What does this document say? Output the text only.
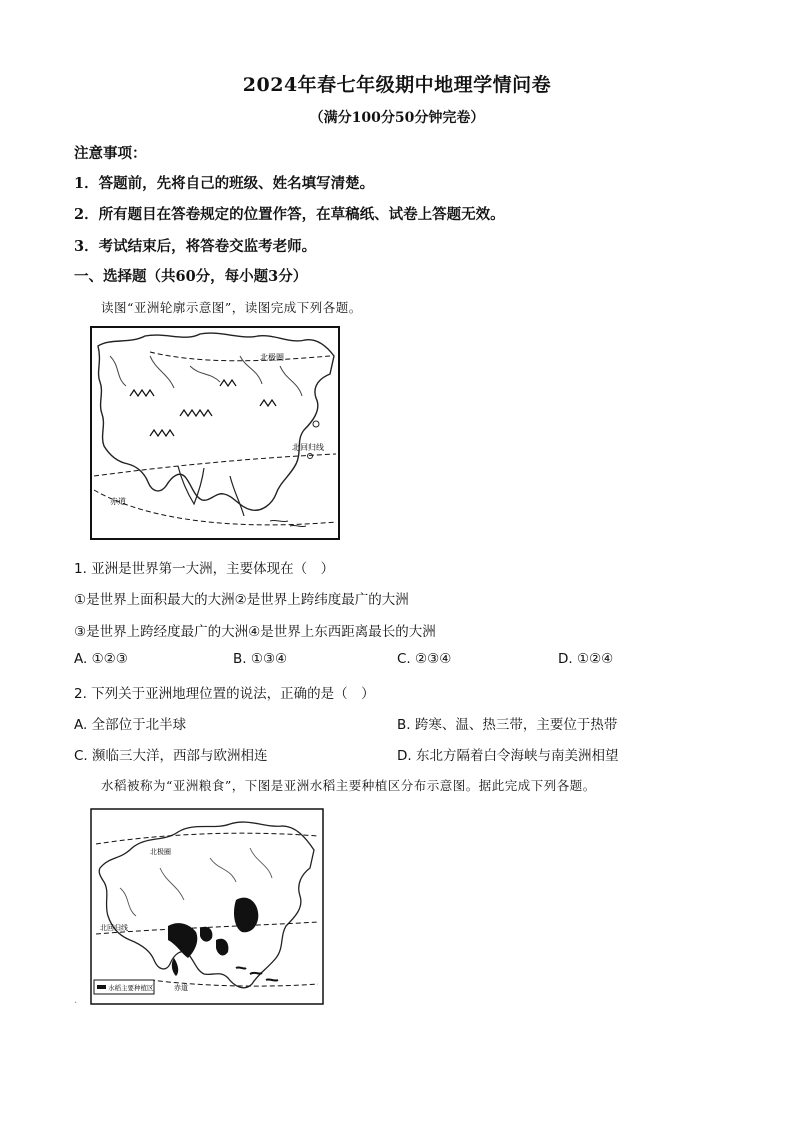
2024年春七年级期中地理学情问卷
（满分100分50分钟完卷）
注意事项：
1．答题前，先将自己的班级、姓名填写清楚。
2．所有题目在答卷规定的位置作答，在草稿纸、试卷上答题无效。
3．考试结束后，将答卷交监考老师。
一、选择题（共60分，每小题3分）
读图“亚洲轮廓示意图”，读图完成下列各题。
北极圈
北回归线
赤道
1. 亚洲是世界第一大洲，主要体现在（　）
①是世界上面积最大的大洲②是世界上跨纬度最广的大洲
③是世界上跨经度最广的大洲④是世界上东西距离最长的大洲
A. ①②③	B. ①③④	C. ②③④	D. ①②④
2. 下列关于亚洲地理位置的说法，正确的是（　）
A. 全部位于北半球	B. 跨寒、温、热三带，主要位于热带
C. 濒临三大洋，西部与欧洲相连	D. 东北方隔着白令海峡与南美洲相望
水稻被称为“亚洲粮食”，下图是亚洲水稻主要种植区分布示意图。据此完成下列各题。
北极圈
北回归线
赤道
水稻主要种植区
·
